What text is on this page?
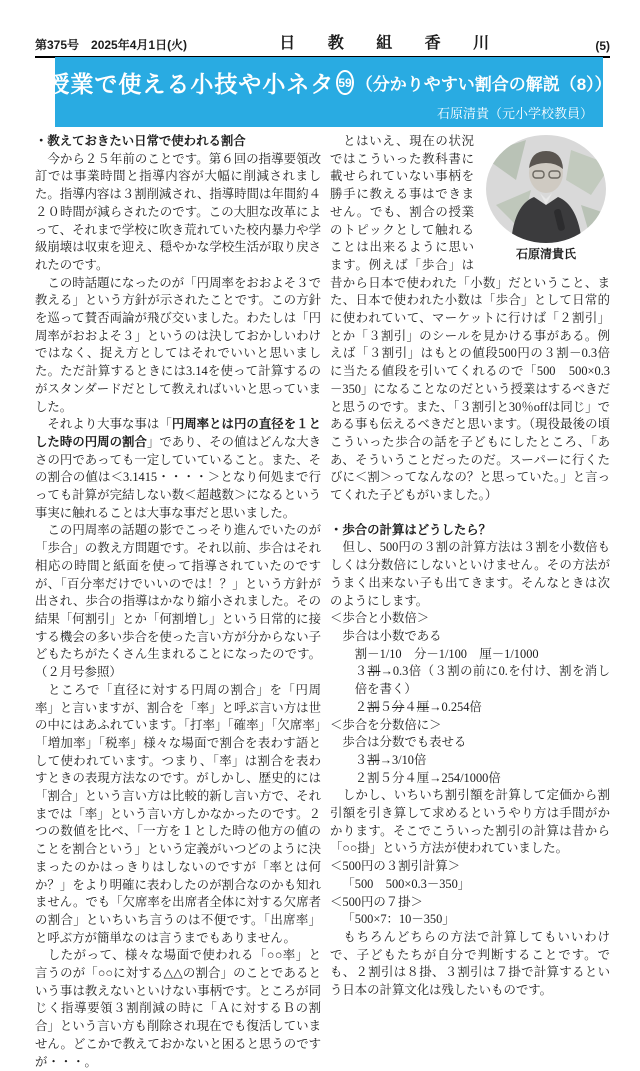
第375号　2025年4月1日(火)	日 教 組 香 川	(5)
授業で使える小技や小ネタ 59 （分かりやすい割合の解説（8））
石原清貴（元小学校教員）

・教えておきたい日常で使われる割合

　今から２５年前のことです。第６回の指導要領改訂では事業時間と指導内容が大幅に削減されました。指導内容は３割削減され、指導時間は年間約４２０時間が減らされたのです。この大胆な改革によって、それまで学校に吹き荒れていた校内暴力や学級崩壊は収束を迎え、穏やかな学校生活が取り戻されたのです。

　この時話題になったのが「円周率をおおよそ３で教える」という方針が示されたことです。この方針を巡って賛否両論が飛び交いました。わたしは「円周率がおおよそ３」というのは決しておかしいわけではなく、捉え方としてはそれでいいと思いました。ただ計算するときには3.14を使って計算するのがスタンダードだとして教えればいいと思っていました。

　それより大事な事は「円周率とは円の直径を１とした時の円周の割合」であり、その値はどんな大きさの円であっても一定していていること。また、その割合の値は＜3.1415・・・・＞となり何処まで行っても計算が完結しない数＜超越数＞になるという事実に触れることは大事な事だと思いました。

　この円周率の話題の影でこっそり進んでいたのが「歩合」の教え方問題です。それ以前、歩合はそれ相応の時間と紙面を使って指導されていたのですが、「百分率だけでいいのでは！？」という方針が出され、歩合の指導はかなり縮小されました。その結果「何割引」とか「何割増し」という日常的に接する機会の多い歩合を使った言い方が分からない子どもたちがたくさん生まれることになったのです。（２月号参照）

　ところで「直径に対する円周の割合」を「円周率」と言いますが、割合を「率」と呼ぶ言い方は世の中にはあふれています。「打率」「確率」「欠席率」「増加率」「税率」様々な場面で割合を表わす語として使われています。つまり、「率」は割合を表わすときの表現方法なのです。がしかし、歴史的には「割合」という言い方は比較的新し言い方で、それまでは「率」という言い方しかなかったのです。２つの数値を比べ、「一方を１とした時の他方の値のことを割合という」という定義がいつどのように決まったのかはっきりはしないのですが「率とは何か？」をより明確に表わしたのが割合なのかも知れません。でも「欠席率を出席者全体に対する欠席者の割合」といちいち言うのは不便です。「出席率」と呼ぶ方が簡単なのは言うまでもありません。

　したがって、様々な場面で使われる「○○率」と言うのが「○○に対する△△の割合」のことであるという事は教えないといけない事柄です。ところが同じく指導要領３割削減の時に「Ａに対するＢの割合」という言い方も削除され現在でも復活していません。どこかで教えておかないと困ると思うのですが・・・。

石原清貴氏

　とはいえ、現在の状況ではこういった教科書に載せられていない事柄を勝手に教える事はできません。でも、割合の授業のトピックとして触れることは出来るように思います。例えば「歩合」は昔から日本で使われた「小数」だということ、また、日本で使われた小数は「歩合」として日常的に使われていて、マーケットに行けば「２割引」とか「３割引」のシールを見かける事がある。例えば「３割引」はもとの値段500円の３割－0.3倍に当たる値段を引いてくれるので「500　500×0.3－350」になることなのだという授業はするべきだと思うのです。また、「３割引と30％offは同じ」である事も伝えるべきだと思います。（現役最後の頃こういった歩合の話を子どもにしたところ、「ああ、そういうことだったのだ。スーパーに行くたびに＜割＞ってなんなの？と思っていた。」と言ってくれた子どもがいました。）

・歩合の計算はどうしたら？

　但し、500円の３割の計算方法は３割を小数倍もしくは分数倍にしないといけません。その方法がうまく出来ない子も出てきます。そんなときは次のようにします。

＜歩合と小数倍＞

歩合は小数である

割－1/10　分－1/100　厘－1/1000

３割→0.3倍（３割の前に0.を付け、割を消し倍を書く）

２割５分４厘→0.254倍

＜歩合を分数倍に＞

歩合は分数でも表せる

３割→3/10倍

２割５分４厘→254/1000倍

　しかし、いちいち割引額を計算して定価から割引額を引き算して求めるというやり方は手間がかかります。そこでこういった割引の計算は昔から「○○掛」という方法が使われていました。

＜500円の３割引計算＞

「500　500×0.3－350」

＜500円の７掛＞

「500×7：10－350」

　もちろんどちらの方法で計算してもいいわけで、子どもたちが自分で判断することです。でも、２割引は８掛、３割引は７掛で計算するという日本の計算文化は残したいものです。
